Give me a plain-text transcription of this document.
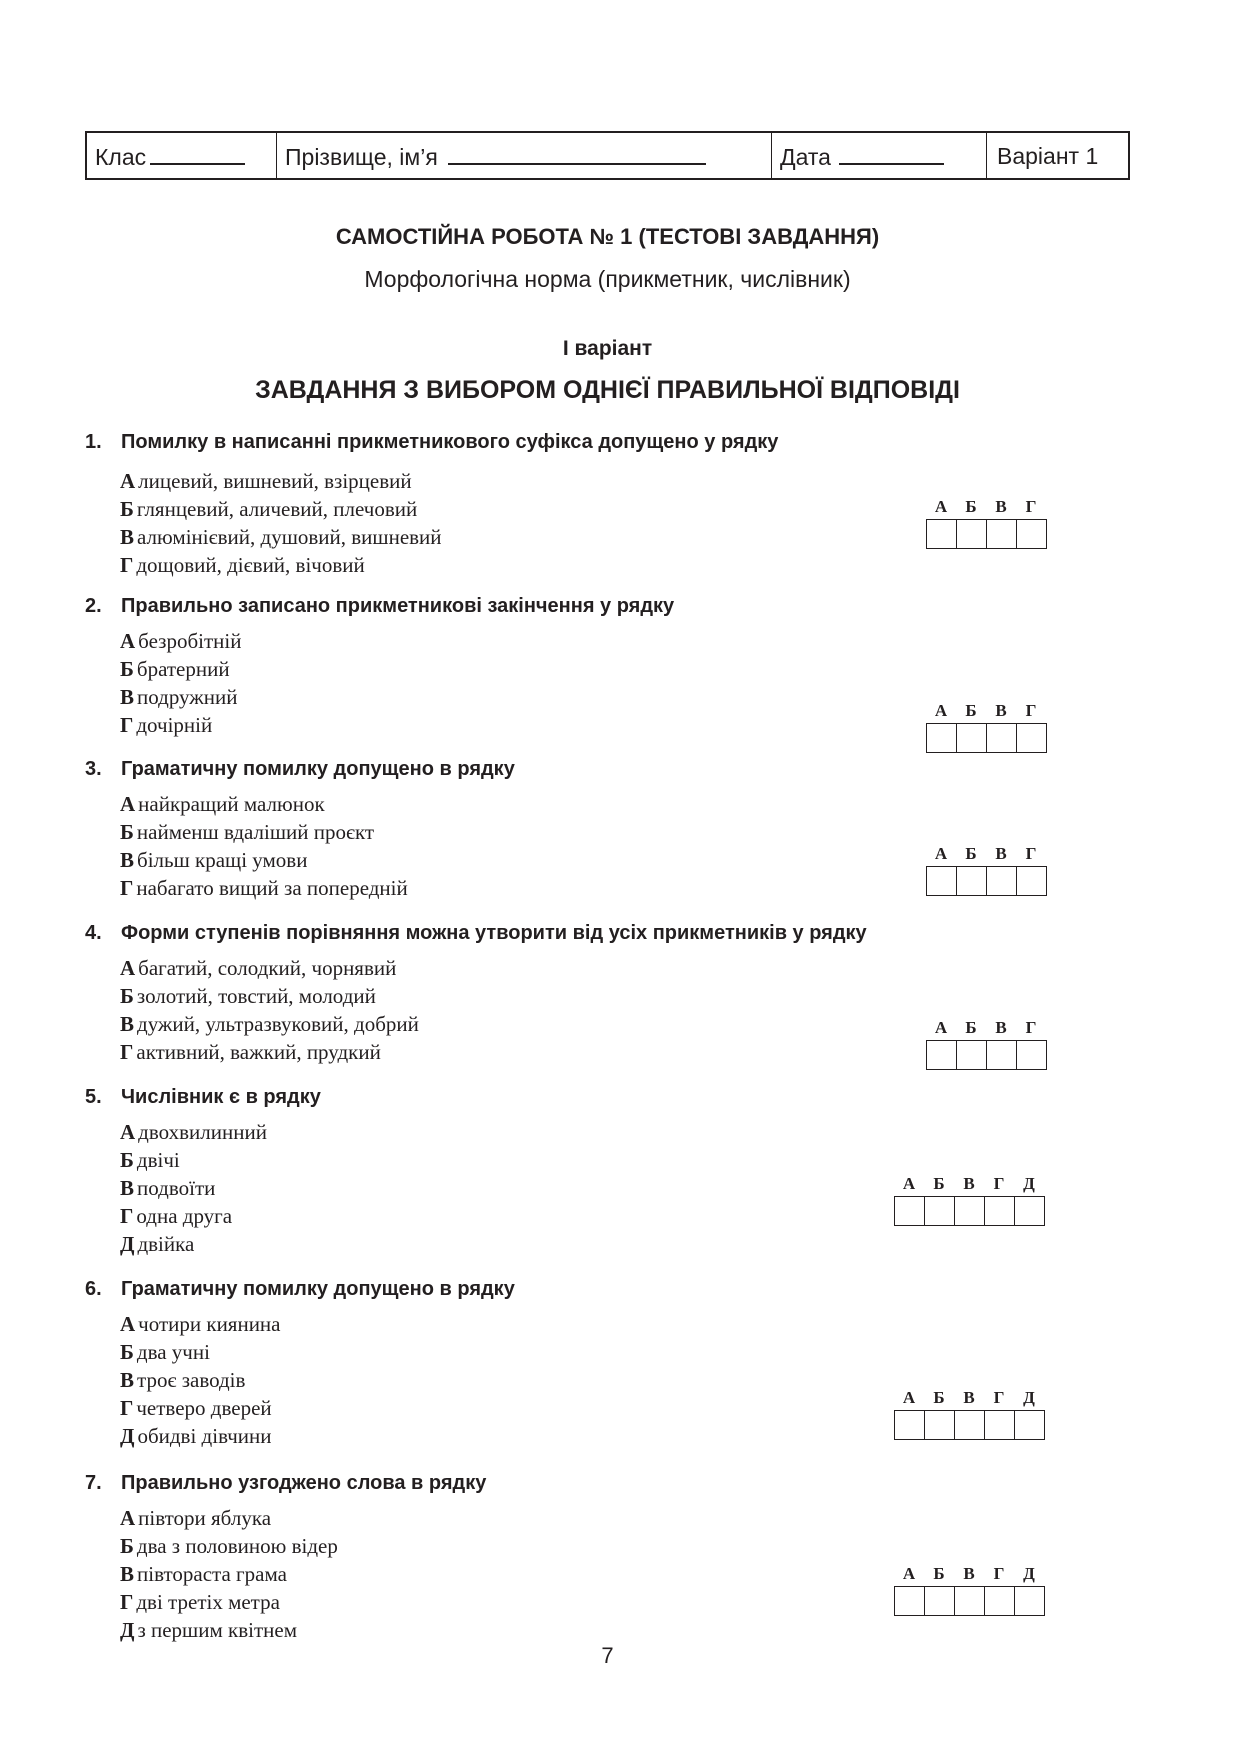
Клас	Прізвище, ім’я	Дата	Варіант 1
САМОСТІЙНА РОБОТА № 1 (ТЕСТОВІ ЗАВДАННЯ)
Морфологічна норма (прикметник, числівник)
І варіант
ЗАВДАННЯ З ВИБОРОМ ОДНІЄЇ ПРАВИЛЬНОЇ ВІДПОВІДІ
1. Помилку в написанні прикметникового суфікса допущено у рядку
А лицевий, вишневий, взірцевий
Б глянцевий, аличевий, плечовий
В алюмінієвий, душовий, вишневий
Г дощовий, дієвий, вічовий
А	Б	В	Г
2. Правильно записано прикметникові закінчення у рядку
А безробітній
Б братерний
В подружний
Г дочірній
А	Б	В	Г
3. Граматичну помилку допущено в рядку
А найкращий малюнок
Б найменш вдаліший проєкт
В більш кращі умови
Г набагато вищий за попередній
А	Б	В	Г
4. Форми ступенів порівняння можна утворити від усіх прикметників у рядку
А багатий, солодкий, чорнявий
Б золотий, товстий, молодий
В дужий, ультразвуковий, добрий
Г активний, важкий, прудкий
А	Б	В	Г
5. Числівник є в рядку
А двохвилинний
Б двічі
В подвоїти
Г одна друга
Д двійка
А	Б	В	Г	Д
6. Граматичну помилку допущено в рядку
А чотири киянина
Б два учні
В троє заводів
Г четверо дверей
Д обидві дівчини
А	Б	В	Г	Д
7. Правильно узгоджено слова в рядку
А півтори яблука
Б два з половиною відер
В півтораста грама
Г дві третіх метра
Д з першим квітнем
А	Б	В	Г	Д
7
